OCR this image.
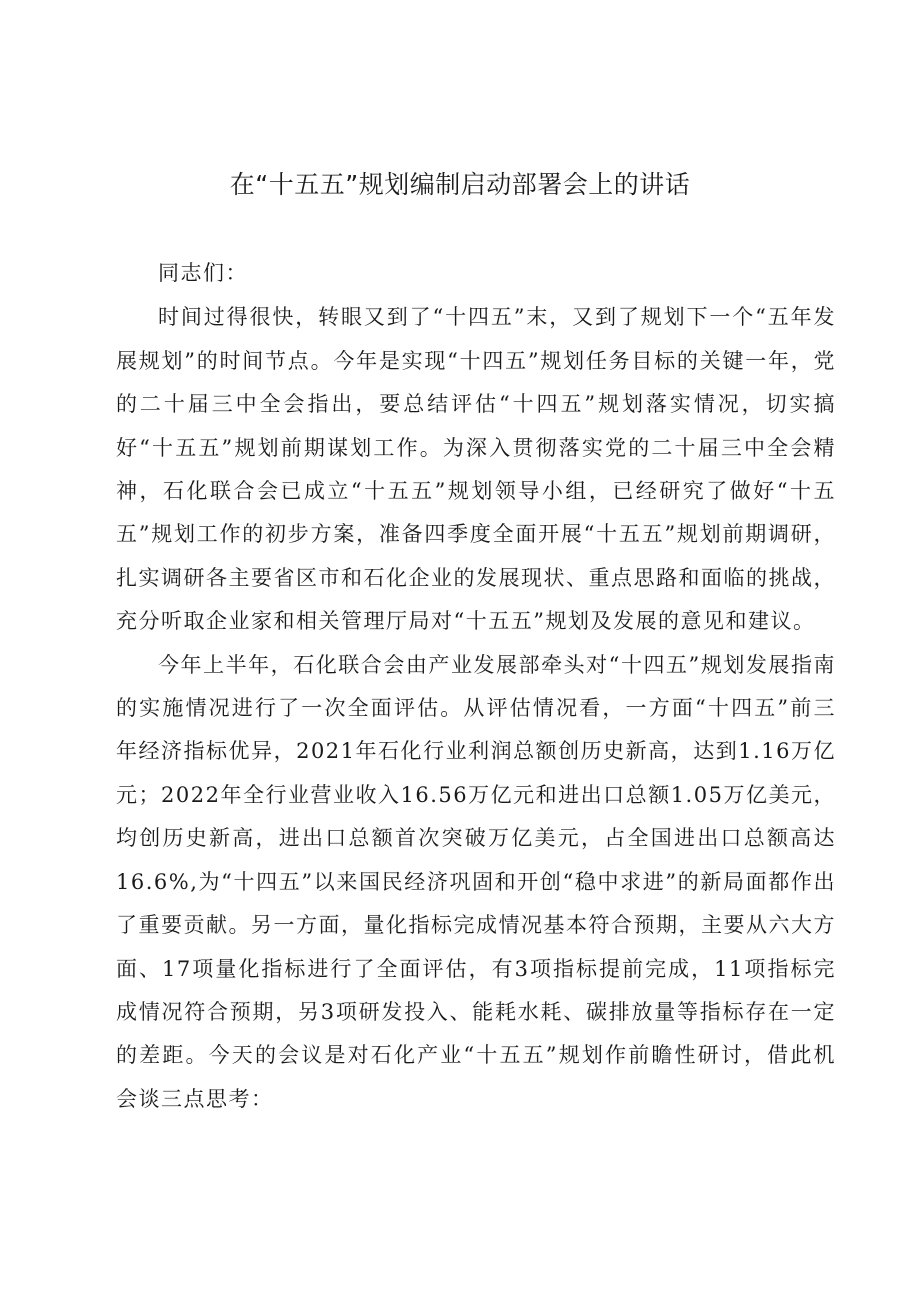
在“十五五”规划编制启动部署会上的讲话

同志们：

时间过得很快，转眼又到了“十四五”末，又到了规划下一个“五年发展规划”的时间节点。今年是实现“十四五”规划任务目标的关键一年，党的二十届三中全会指出，要总结评估“十四五”规划落实情况，切实搞好“十五五”规划前期谋划工作。为深入贯彻落实党的二十届三中全会精神，石化联合会已成立“十五五”规划领导小组，已经研究了做好“十五五”规划工作的初步方案，准备四季度全面开展“十五五”规划前期调研，扎实调研各主要省区市和石化企业的发展现状、重点思路和面临的挑战，充分听取企业家和相关管理厅局对“十五五”规划及发展的意见和建议。

今年上半年，石化联合会由产业发展部牵头对“十四五”规划发展指南的实施情况进行了一次全面评估。从评估情况看，一方面“十四五”前三年经济指标优异，2021年石化行业利润总额创历史新高，达到1.16万亿元；2022年全行业营业收入16.56万亿元和进出口总额1.05万亿美元，均创历史新高，进出口总额首次突破万亿美元，占全国进出口总额高达16.6%,为“十四五”以来国民经济巩固和开创“稳中求进”的新局面都作出了重要贡献。另一方面，量化指标完成情况基本符合预期，主要从六大方面、17项量化指标进行了全面评估，有3项指标提前完成，11项指标完成情况符合预期，另3项研发投入、能耗水耗、碳排放量等指标存在一定的差距。今天的会议是对石化产业“十五五”规划作前瞻性研讨，借此机会谈三点思考：
